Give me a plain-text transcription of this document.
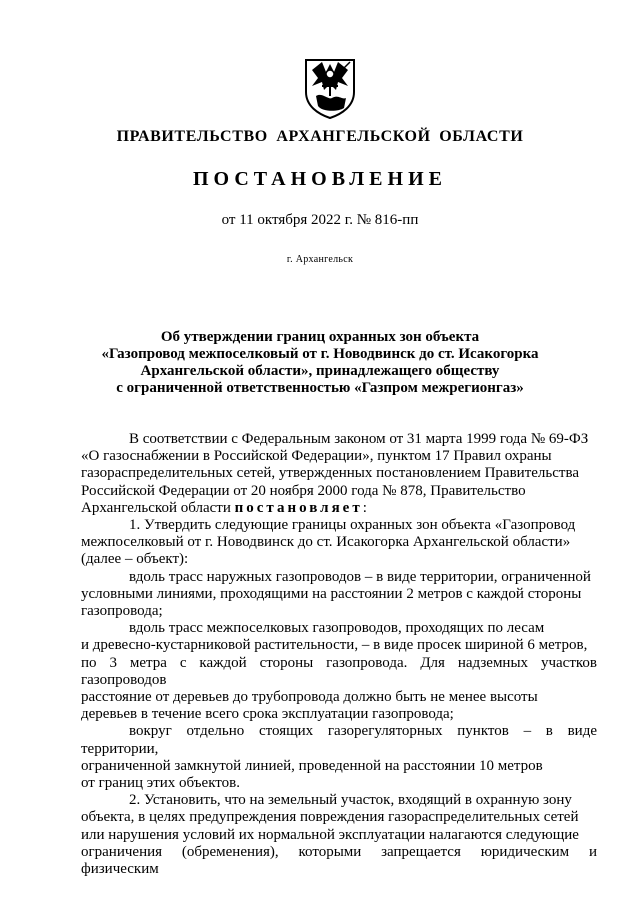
ПРАВИТЕЛЬСТВО АРХАНГЕЛЬСКОЙ ОБЛАСТИ
ПОСТАНОВЛЕНИЕ
от 11 октября 2022 г. № 816-пп
г. Архангельск
Об утверждении границ охранных зон объекта
«Газопровод межпоселковый от г. Новодвинск до ст. Исакогорка
Архангельской области», принадлежащего обществу
с ограниченной ответственностью «Газпром межрегионгаз»

В соответствии с Федеральным законом от 31 марта 1999 года № 69-ФЗ
«О газоснабжении в Российской Федерации», пунктом 17 Правил охраны
газораспределительных сетей, утвержденных постановлением Правительства
Российской Федерации от 20 ноября 2000 года № 878, Правительство
Архангельской области постановляет:

1. Утвердить следующие границы охранных зон объекта «Газопровод
межпоселковый от г. Новодвинск до ст. Исакогорка Архангельской области»
(далее – объект):

вдоль трасс наружных газопроводов – в виде территории, ограниченной
условными линиями, проходящими на расстоянии 2 метров с каждой стороны
газопровода;

вдоль трасс межпоселковых газопроводов, проходящих по лесам
и древесно-кустарниковой растительности, – в виде просек шириной 6 метров,
по 3 метра с каждой стороны газопровода. Для надземных участков газопроводов
расстояние от деревьев до трубопровода должно быть не менее высоты
деревьев в течение всего срока эксплуатации газопровода;

вокруг отдельно стоящих газорегуляторных пунктов – в виде территории,
ограниченной замкнутой линией, проведенной на расстоянии 10 метров
от границ этих объектов.

2. Установить, что на земельный участок, входящий в охранную зону
объекта, в целях предупреждения повреждения газораспределительных сетей
или нарушения условий их нормальной эксплуатации налагаются следующие
ограничения (обременения), которыми запрещается юридическим и физическим
